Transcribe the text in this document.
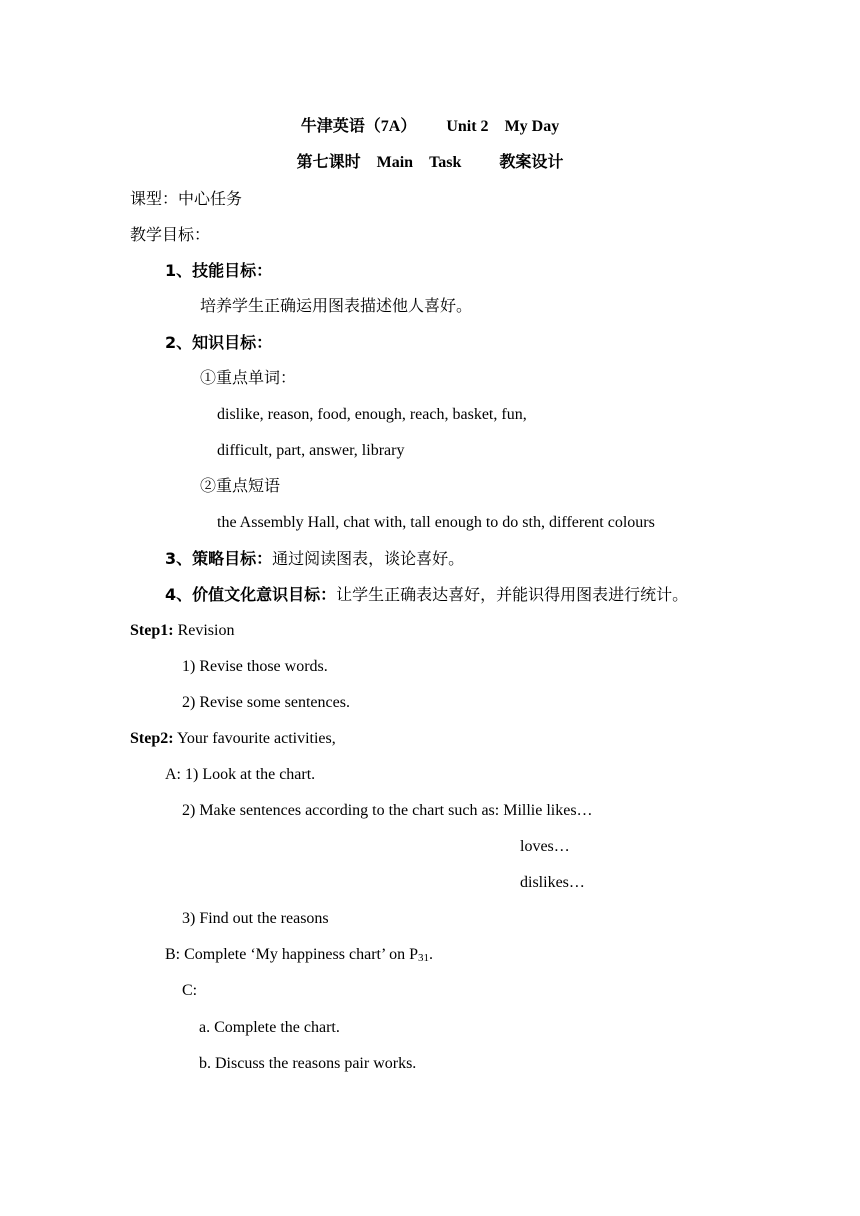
牛津英语（7A） Unit 2 My Day
第七课时 Main Task 教案设计
课型：中心任务
教学目标：
1、技能目标：
培养学生正确运用图表描述他人喜好。
2、知识目标：
①重点单词：
dislike, reason, food, enough, reach, basket, fun,
difficult, part, answer, library
②重点短语
the Assembly Hall, chat with, tall enough to do sth, different colours
3、策略目标：通过阅读图表，谈论喜好。
4、价值文化意识目标：让学生正确表达喜好，并能识得用图表进行统计。
Step1: Revision
1) Revise those words.
2) Revise some sentences.
Step2: Your favourite activities,
A: 1) Look at the chart.
2) Make sentences according to the chart such as: Millie likes…
loves…
dislikes…
3) Find out the reasons
B: Complete ‘My happiness chart’ on $P_{31}$.
C:
a. Complete the chart.
b. Discuss the reasons pair works.
